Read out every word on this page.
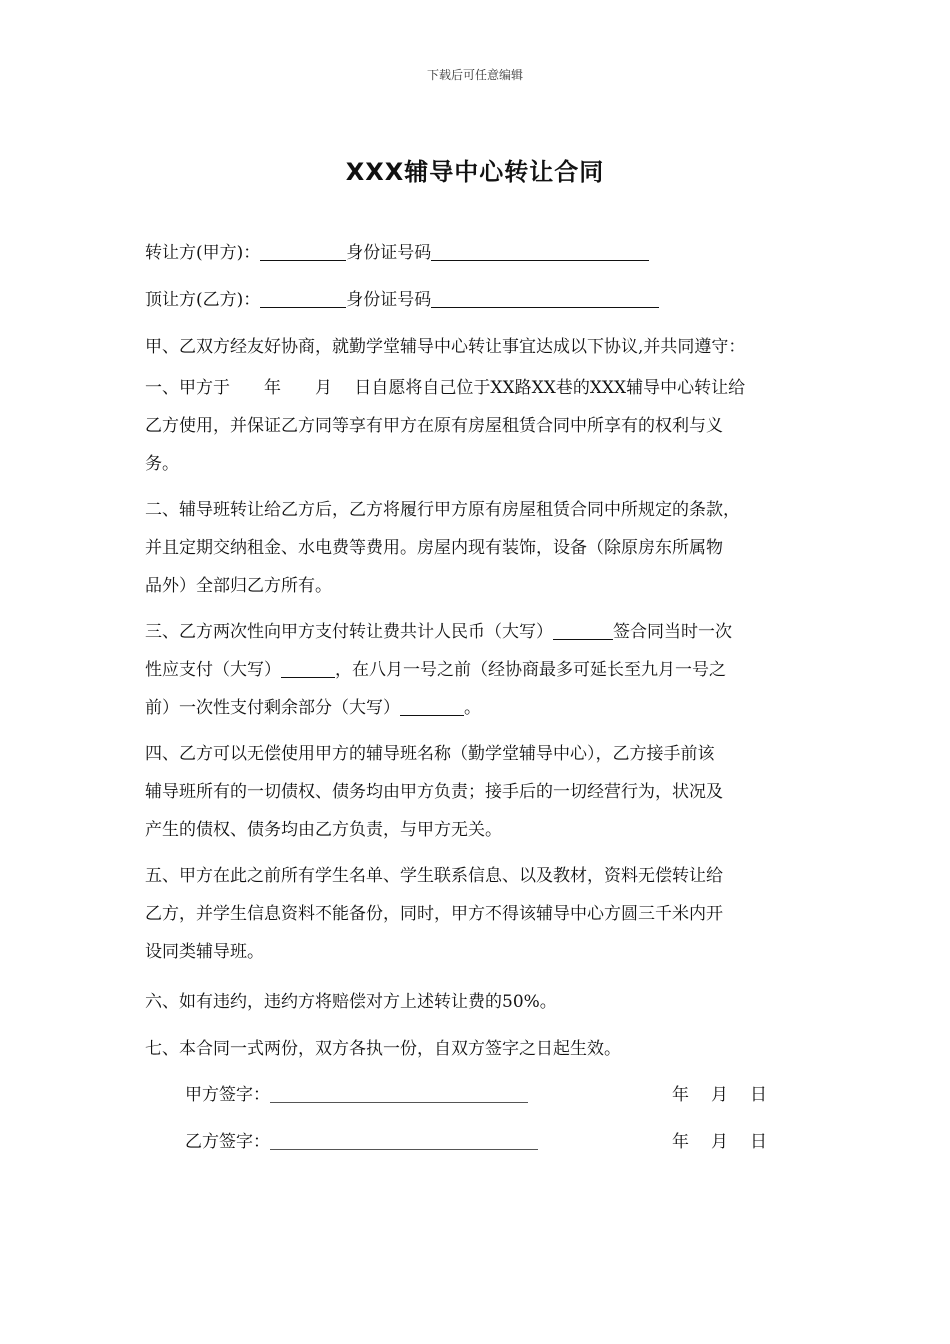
下载后可任意编辑
XXX辅导中心转让合同
转让方(甲方)：	身份证号码
顶让方(乙方)：	身份证号码
甲、乙双方经友好协商，就勤学堂辅导中心转让事宜达成以下协议,并共同遵守：

一、甲方于　　年　　月　 日自愿将自己位于XX路XX巷的XXX辅导中心转让给

乙方使用，并保证乙方同等享有甲方在原有房屋租赁合同中所享有的权利与义

务。

二、辅导班转让给乙方后，乙方将履行甲方原有房屋租赁合同中所规定的条款，

并且定期交纳租金、水电费等费用。房屋内现有装饰，设备（除原房东所属物

品外）全部归乙方所有。

三、乙方两次性向甲方支付转让费共计人民币（大写）	签合同当时一次

性应支付（大写）	，在八月一号之前（经协商最多可延长至九月一号之

前）一次性支付剩余部分（大写）	。

四、乙方可以无偿使用甲方的辅导班名称（勤学堂辅导中心），乙方接手前该

辅导班所有的一切债权、债务均由甲方负责；接手后的一切经营行为，状况及

产生的债权、债务均由乙方负责，与甲方无关。

五、甲方在此之前所有学生名单、学生联系信息、以及教材，资料无偿转让给

乙方，并学生信息资料不能备份，同时，甲方不得该辅导中心方圆三千米内开

设同类辅导班。

六、如有违约，违约方将赔偿对方上述转让费的50%。
七、本合同一式两份，双方各执一份，自双方签字之日起生效。
甲方签字：	年 月 日
乙方签字：	年 月 日
